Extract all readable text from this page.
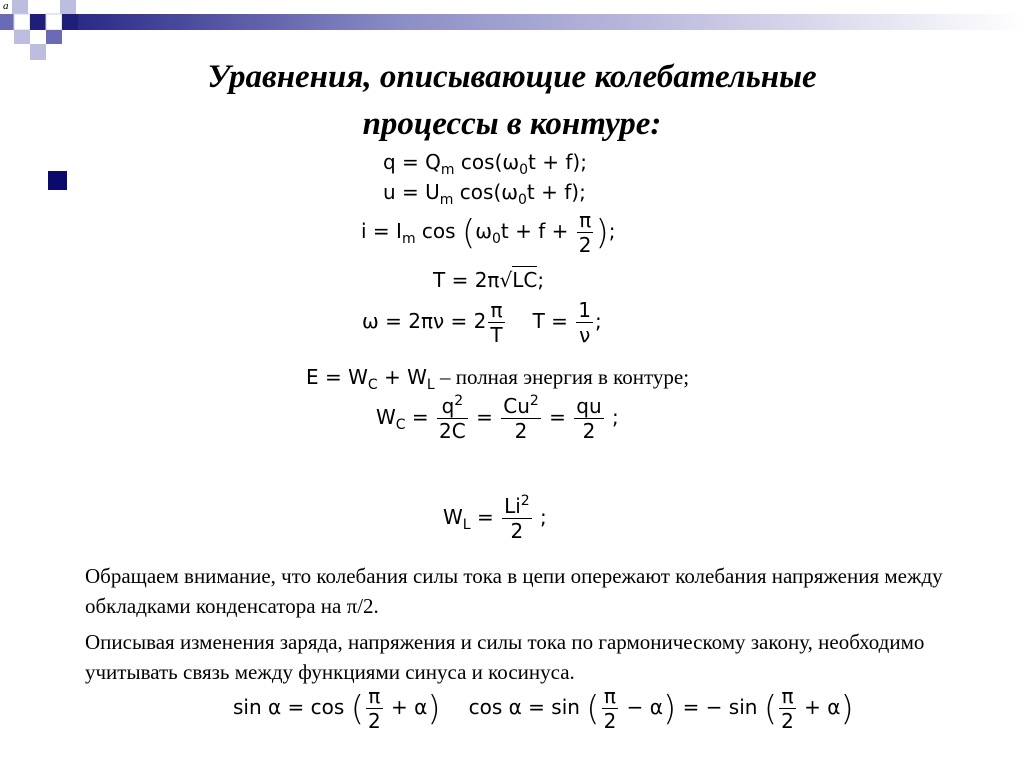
a
Уравнения, описывающие колебательные
процессы в контуре:
$q = Q_m$ $\cos(\omega_0t + f)$;
$u = U_m$ $\cos(\omega_0t + f)$;
$i = I_m$ $\cos (\omega_0t + f + \frac{\pi}{2}$ );
T = 2π√LC;
$\omega = 2\pi\nu = 2 \frac{\pi}{T}$ $T = \frac{1}{\nu}$ ;
$E = W_C + W_L$ – полная энергия в контуре;
$W_C = \frac{q^2}{2C} = \frac{Cu^2}{2} = \frac{qu}{2}$ ;
$W_L = \frac{Li^2}{2}$ ;
Обращаем внимание, что колебания силы тока в цепи опережают колебания напряжения между обкладками конденсатора на π/2.
Описывая изменения заряда, напряжения и силы тока по гармоническому закону, необходимо учитывать связь между функциями синуса и косинуса.
sin α = cos ( $\frac{\pi}{2} + \alpha$) cos α = sin ( $\frac{\pi}{2} - \alpha$) = − sin ( $\frac{\pi}{2} + \alpha$)
